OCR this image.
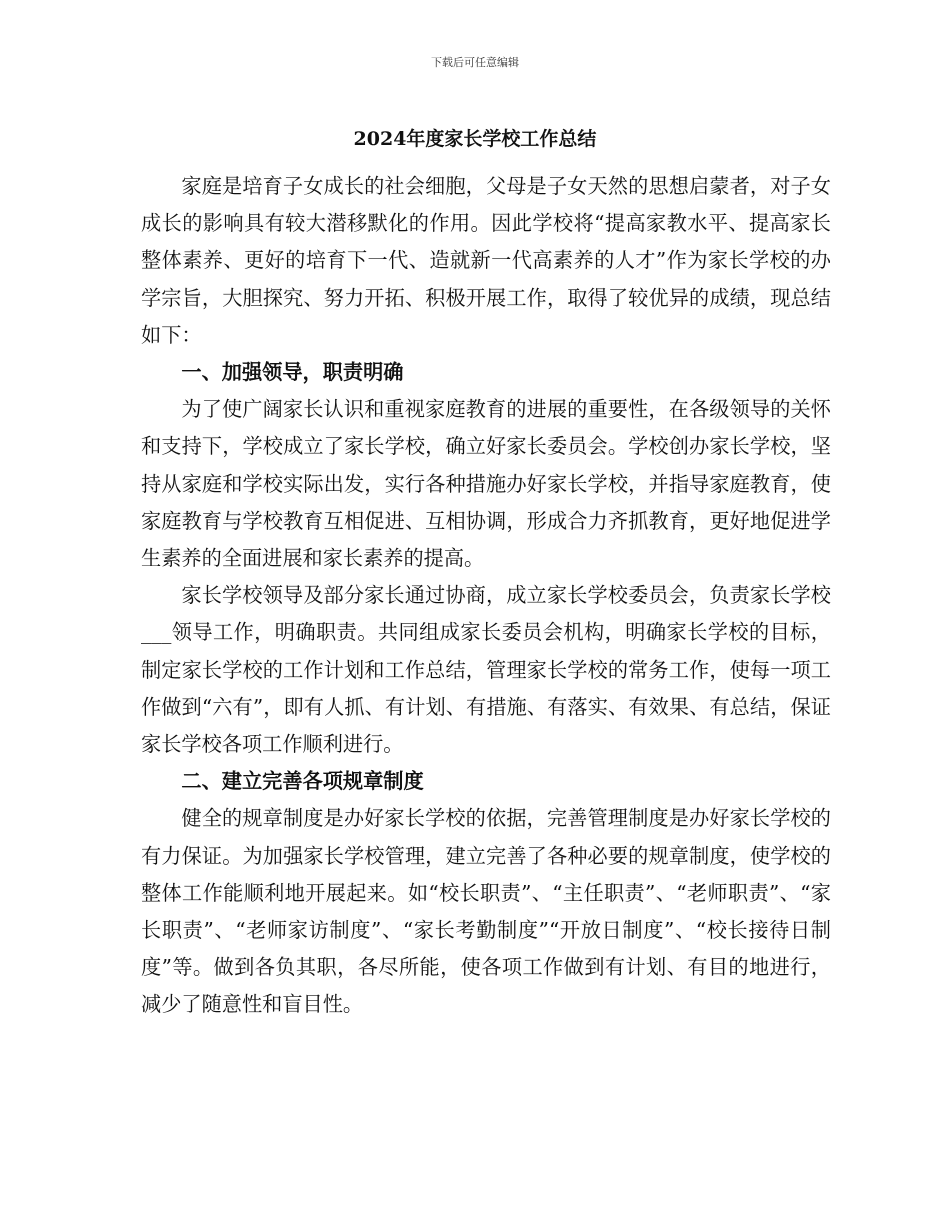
下载后可任意编辑
2024年度家长学校工作总结

家庭是培育子女成长的社会细胞，父母是子女天然的思想启蒙者，对子女成长的影响具有较大潜移默化的作用。因此学校将“提高家教水平、提高家长整体素养、更好的培育下一代、造就新一代高素养的人才”作为家长学校的办学宗旨，大胆探究、努力开拓、积极开展工作，取得了较优异的成绩，现总结如下：

一、加强领导，职责明确

为了使广阔家长认识和重视家庭教育的进展的重要性，在各级领导的关怀和支持下，学校成立了家长学校，确立好家长委员会。学校创办家长学校，坚持从家庭和学校实际出发，实行各种措施办好家长学校，并指导家庭教育，使家庭教育与学校教育互相促进、互相协调，形成合力齐抓教育，更好地促进学生素养的全面进展和家长素养的提高。

家长学校领导及部分家长通过协商，成立家长学校委员会，负责家长学校___领导工作，明确职责。共同组成家长委员会机构，明确家长学校的目标，制定家长学校的工作计划和工作总结，管理家长学校的常务工作，使每一项工作做到“六有”，即有人抓、有计划、有措施、有落实、有效果、有总结，保证家长学校各项工作顺利进行。

二、建立完善各项规章制度

健全的规章制度是办好家长学校的依据，完善管理制度是办好家长学校的有力保证。为加强家长学校管理，建立完善了各种必要的规章制度，使学校的整体工作能顺利地开展起来。如“校长职责”、“主任职责”、“老师职责”、“家长职责”、“老师家访制度”、“家长考勤制度”“开放日制度”、“校长接待日制度”等。做到各负其职，各尽所能，使各项工作做到有计划、有目的地进行，减少了随意性和盲目性。
